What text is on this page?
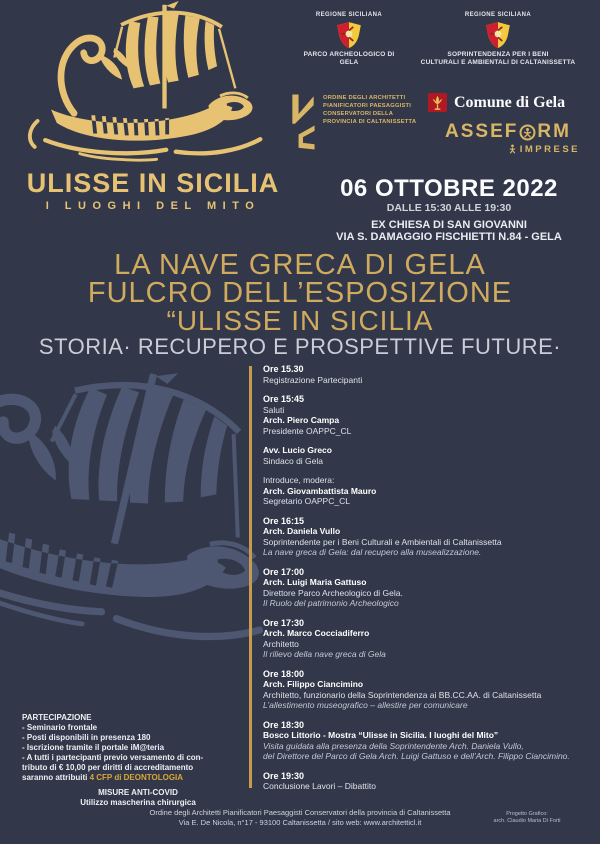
REGIONE SICILIANA
PARCO ARCHEOLOGICO DI GELA
REGIONE SICILIANA
SOPRINTENDENZA PER I BENI
CULTURALI E AMBIENTALI DI CALTANISSETTA
ORDINE DEGLI ARCHITETTI
PIANIFICATORI PAESAGGISTI
CONSERVATORI DELLA
PROVINCIA DI CALTANISSETTA
Comune di Gela
ASSEF RM
IMPRESE
ULISSE IN SICILIA
I LUOGHI DEL MITO
06 OTTOBRE 2022
DALLE 15:30 ALLE 19:30
EX CHIESA DI SAN GIOVANNI
VIA S. DAMAGGIO FISCHIETTI N.84 - GELA
LA NAVE GRECA DI GELA
FULCRO DELL’ESPOSIZIONE
“ULISSE IN SICILIA
STORIA· RECUPERO E PROSPETTIVE FUTURE·
Ore 15.30
Registrazione Partecipanti
Ore 15:45
Saluti
Arch. Piero Campa
Presidente OAPPC_CL
Avv. Lucio Greco
Sindaco di Gela
Introduce, modera:
Arch. Giovambattista Mauro
Segretario OAPPC_CL
Ore 16:15
Arch. Daniela Vullo
Soprintendente per i Beni Culturali e Ambientali di Caltanissetta
La nave greca di Gela: dal recupero alla musealizzazione.
Ore 17:00
Arch. Luigi Maria Gattuso
Direttore Parco Archeologico di Gela.
Il Ruolo del patrimonio Archeologico
Ore 17:30
Arch. Marco Cocciadiferro
Architetto
Il rilievo della nave greca di Gela
Ore 18:00
Arch. Filippo Ciancimino
Architetto, funzionario della Soprintendenza ai BB.CC.AA. di Caltanissetta
L’allestimento museografico – allestire per comunicare
Ore 18:30
Bosco Littorio - Mostra “Ulisse in Sicilia. I luoghi del Mito”
Visita guidata alla presenza della Soprintendente Arch. Daniela Vullo,
del Direttore del Parco di Gela Arch. Luigi Gattuso e dell’Arch. Filippo Ciancimino.
Ore 19:30
Conclusione Lavori – Dibattito
PARTECIPAZIONE
- Seminario frontale
- Posti disponibili in presenza 180
- Iscrizione tramite il portale iM@teria
- A tutti i partecipanti previo versamento di con-
tributo di € 10,00 per diritti di accreditamento
saranno attribuiti 4 CFP di DEONTOLOGIA
MISURE ANTI-COVID
Utilizzo mascherina chirurgica
Ordine degli Architetti Pianificatori Paesaggisti Conservatori della provincia di Caltanissetta
Via E. De Nicola, n°17 - 93100 Caltanissetta / sito web: www.architetticl.it
Progetto Grafico:
arch. Claudio Maria Di Forti
